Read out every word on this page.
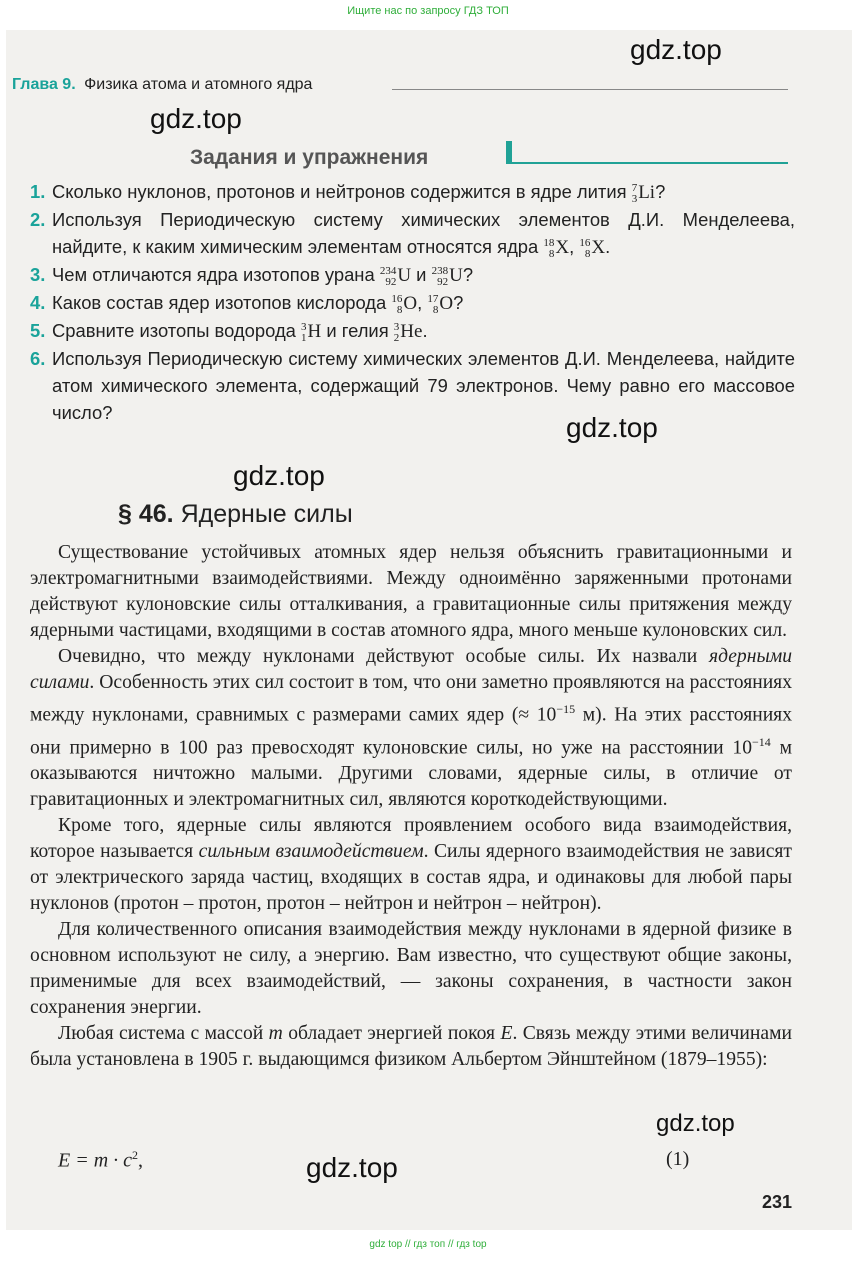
Ищите нас по запросу ГДЗ ТОП
Глава 9. Физика атома и атомного ядра
Задания и упражнения
1. Сколько нуклонов, протонов и нейтронов содержится в ядре лития 7
3 Li?
2. Используя Периодическую систему химических элементов Д.И. Менделеева, найдите, к каким химическим элементам относятся ядра 18
8 X, 16
8 X.
3. Чем отличаются ядра изотопов урана 234
92 U и 238
92 U?
4. Каков состав ядер изотопов кислорода 16
8 O, 17
8 O?
5. Сравните изотопы водорода 3
1 H и гелия 3
2 He.
6. Используя Периодическую систему химических элементов Д.И. Менделеева, найдите атом химического элемента, содержащий 79 электронов. Чему равно его массовое число?
§ 46. Ядерные силы

Существование устойчивых атомных ядер нельзя объяснить гравитационными и электромагнитными взаимодействиями. Между одноимённо заряженными протонами действуют кулоновские силы отталкивания, а гравитационные силы притяжения между ядерными частицами, входящими в состав атомного ядра, много меньше кулоновских сил.

Очевидно, что между нуклонами действуют особые силы. Их назвали ядерными силами. Особенность этих сил состоит в том, что они заметно проявляются на расстояниях между нуклонами, сравнимых с размерами самих ядер (≈ $10^{-15}$ м). На этих расстояниях они примерно в 100 раз превосходят кулоновские силы, но уже на расстоянии $10^{-14}$ м оказываются ничтожно малыми. Другими словами, ядерные силы, в отличие от гравитационных и электромагнитных сил, являются короткодействующими.

Кроме того, ядерные силы являются проявлением особого вида взаимодействия, которое называется сильным взаимодействием. Силы ядерного взаимодействия не зависят от электрического заряда частиц, входящих в состав ядра, и одинаковы для любой пары нуклонов (протон – протон, протон – нейтрон и нейтрон – нейтрон).

Для количественного описания взаимодействия между нуклонами в ядерной физике в основном используют не силу, а энергию. Вам известно, что существуют общие законы, применимые для всех взаимодействий, — законы сохранения, в частности закон сохранения энергии.

Любая система с массой m обладает энергией покоя E. Связь между этими величинами была установлена в 1905 г. выдающимся физиком Альбертом Эйнштейном (1879–1955):

$E = m \cdot c^2$,	(1)
231
gdz.top
gdz.top
gdz.top
gdz.top
gdz.top
gdz.top
gdz top // гдз топ // гдз top
